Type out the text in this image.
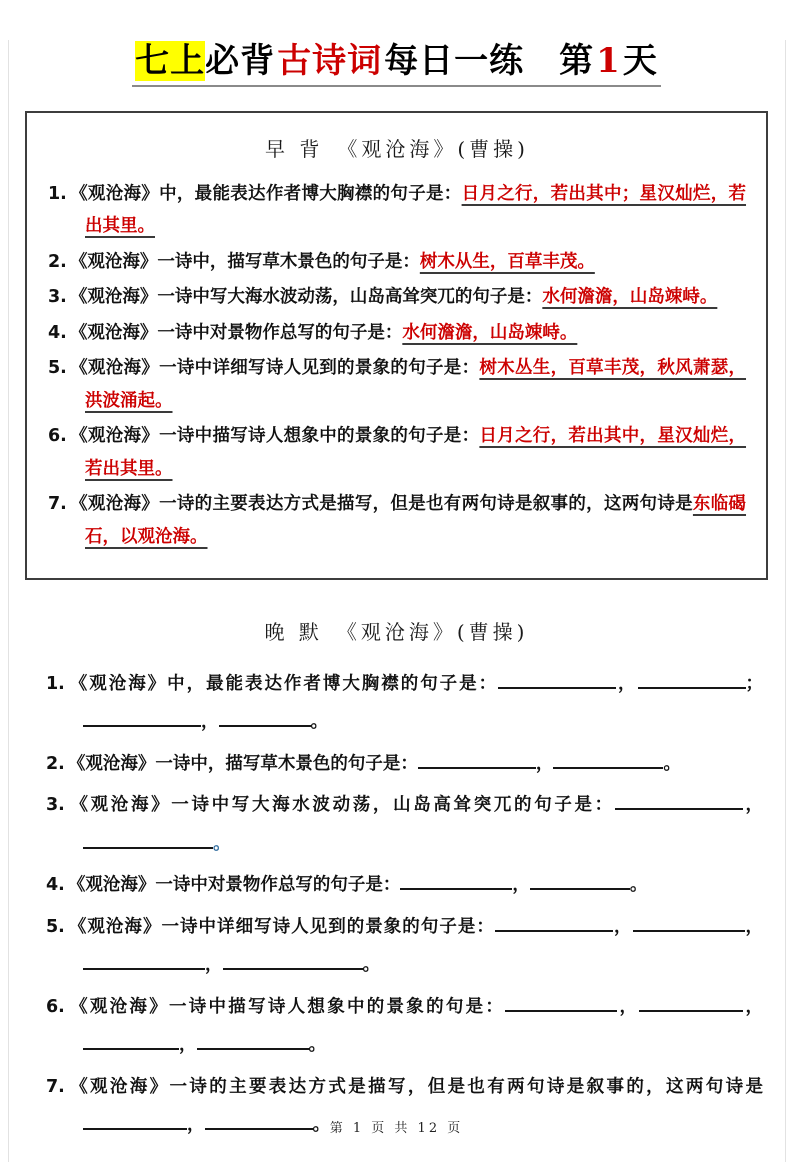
七上必背古诗词每日一练　 第1天
早 背　《观沧海》(曹操)
1. 《观沧海》中，最能表达作者博大胸襟的句子是：日月之行，若出其中；星汉灿烂，若出其里。
2. 《观沧海》一诗中，描写草木景色的句子是：树木从生，百草丰茂。
3. 《观沧海》一诗中写大海水波动荡，山岛高耸突兀的句子是：水何澹澹，山岛竦峙。
4. 《观沧海》一诗中对景物作总写的句子是：水何澹澹，山岛竦峙。
5. 《观沧海》一诗中详细写诗人见到的景象的句子是：树木丛生，百草丰茂，秋风萧瑟，洪波涌起。
6. 《观沧海》一诗中描写诗人想象中的景象的句子是：日月之行，若出其中，星汉灿烂，若出其里。
7. 《观沧海》一诗的主要表达方式是描写，但是也有两句诗是叙事的，这两句诗是东临碣石，以观沧海。
晚 默　《观沧海》(曹操)
1. 《观沧海》中，最能表达作者博大胸襟的句子是：	，	；，	。
2. 《观沧海》一诗中，描写草木景色的句子是：	，	。
3. 《观沧海》一诗中写大海水波动荡，山岛高耸突兀的句子是：	，。
4. 《观沧海》一诗中对景物作总写的句子是：	，	。
5. 《观沧海》一诗中详细写诗人见到的景象的句子是：	，	，，	。
6. 《观沧海》一诗中描写诗人想象中的景象的句是：	，	，，	。
7. 《观沧海》一诗的主要表达方式是描写，但是也有两句诗是叙事的，这两句诗是，	。 第 1 页 共 12 页
